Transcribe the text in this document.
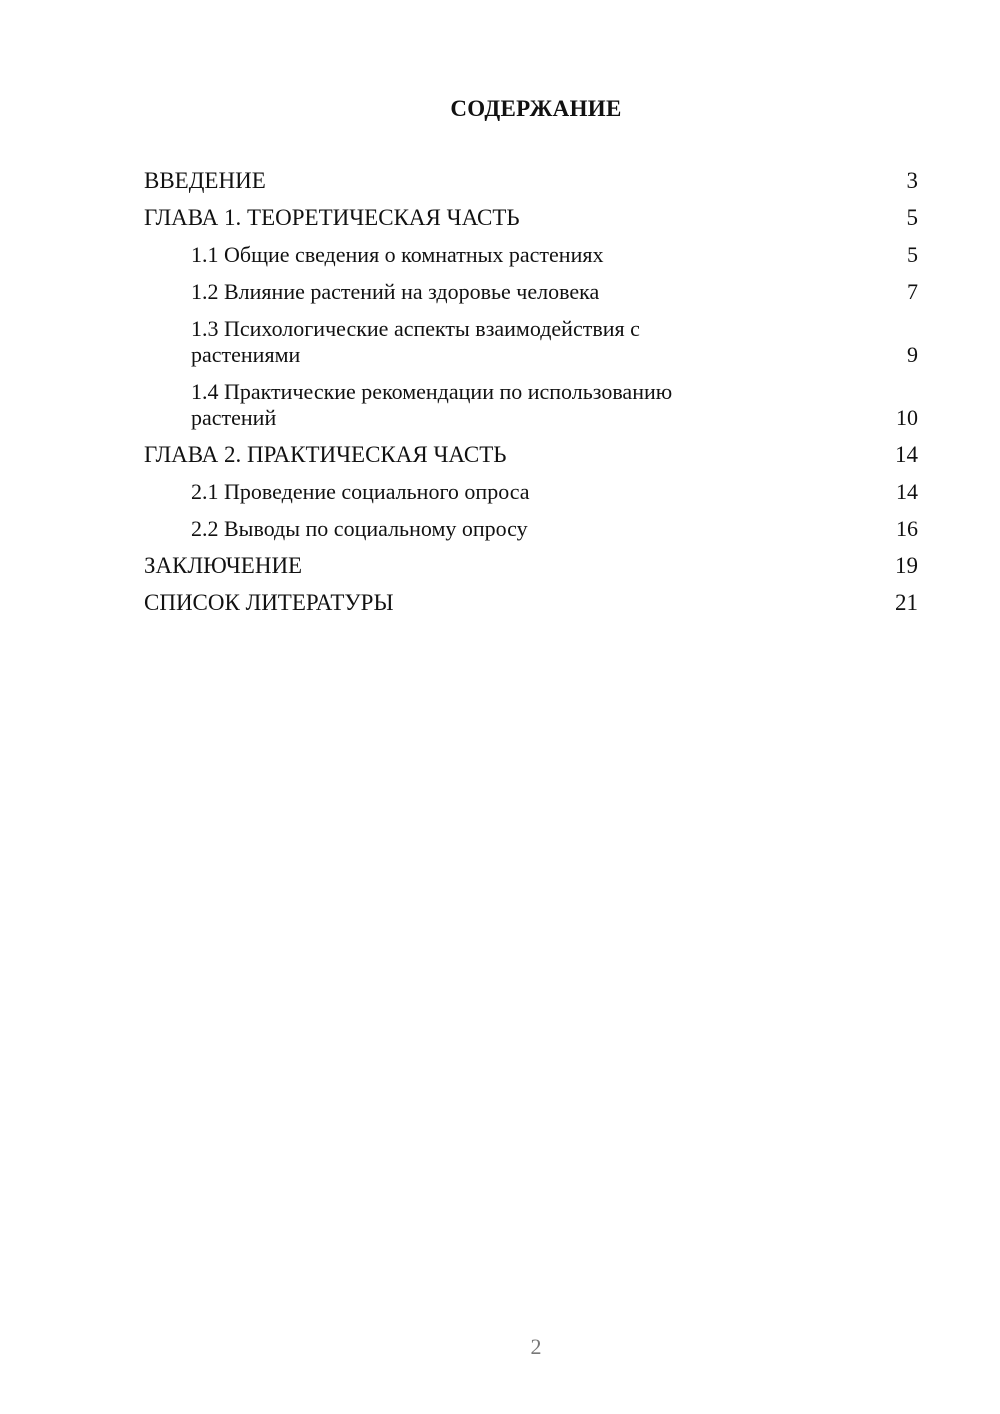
СОДЕРЖАНИЕ
ВВЕДЕНИЕ	3
ГЛАВА 1. ТЕОРЕТИЧЕСКАЯ ЧАСТЬ	5
1.1 Общие сведения о комнатных растениях	5
1.2 Влияние растений на здоровье человека	7
1.3 Психологические аспекты взаимодействия с растениями	9
1.4 Практические рекомендации по использованию растений	10
ГЛАВА 2. ПРАКТИЧЕСКАЯ ЧАСТЬ	14
2.1 Проведение социального опроса	14
2.2 Выводы по социальному опросу	16
ЗАКЛЮЧЕНИЕ	19
СПИСОК ЛИТЕРАТУРЫ	21
2
